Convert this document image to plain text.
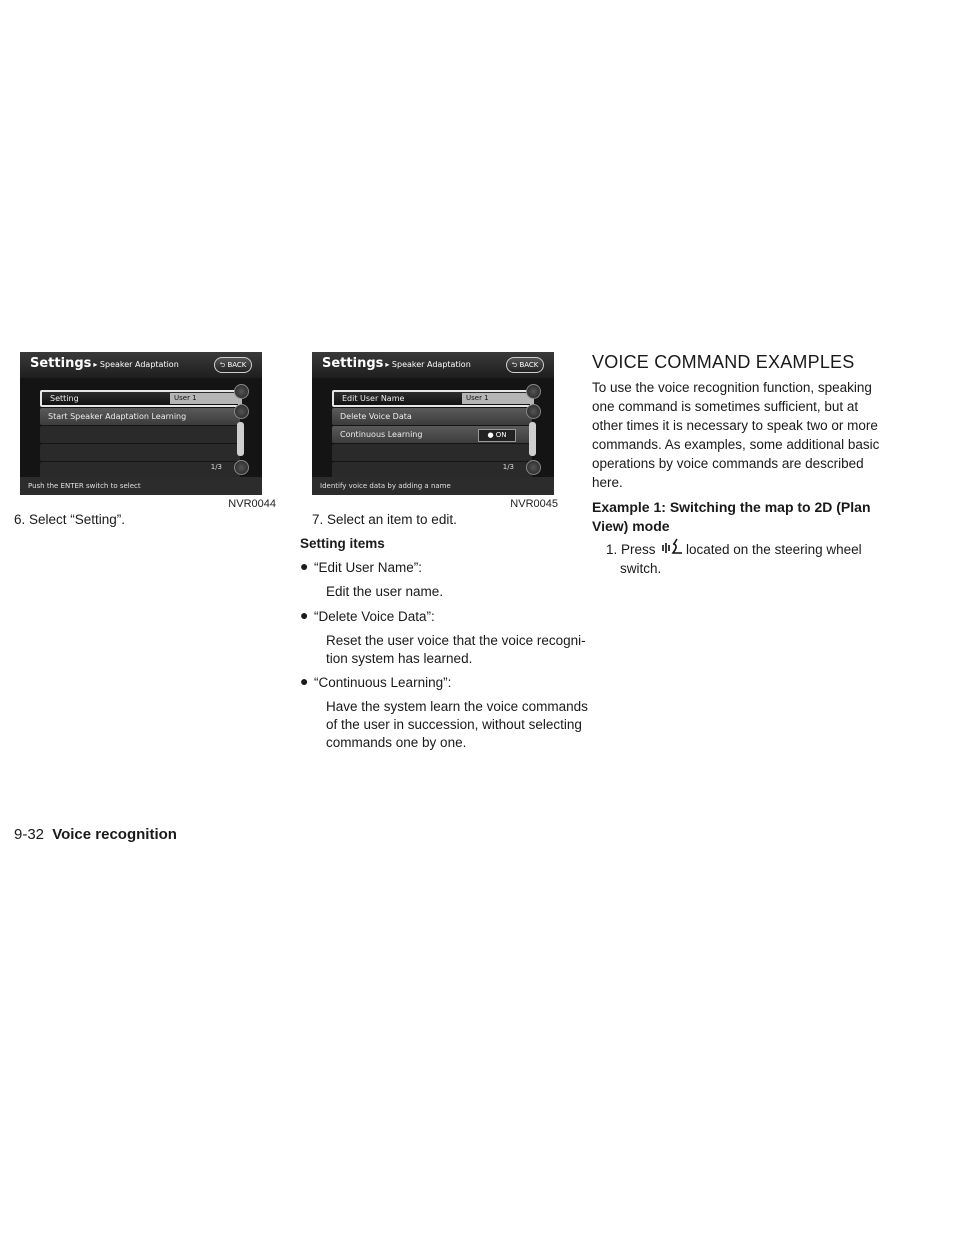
Settings ▸ Speaker Adaptation	⮌ BACK
Setting	User 1
Start Speaker Adaptation Learning
1/3
Push the ENTER switch to select
NVR0044
6. Select “Setting”.
Settings ▸ Speaker Adaptation	⮌ BACK
Edit User Name	User 1
Delete Voice Data
Continuous Learning	● ON
1/3
Identify voice data by adding a name
NVR0045
7. Select an item to edit.
Setting items
● “Edit User Name”:
Edit the user name.
● “Delete Voice Data”:
Reset the user voice that the voice recogni-
tion system has learned.
● “Continuous Learning”:
Have the system learn the voice commands
of the user in succession, without selecting
commands one by one.
VOICE COMMAND EXAMPLES
To use the voice recognition function, speaking
one command is sometimes sufficient, but at
other times it is necessary to speak two or more
commands. As examples, some additional basic
operations by voice commands are described
here.
Example 1: Switching the map to 2D (Plan
View) mode
1. Press located on the steering wheel
switch.
9-32 Voice recognition
